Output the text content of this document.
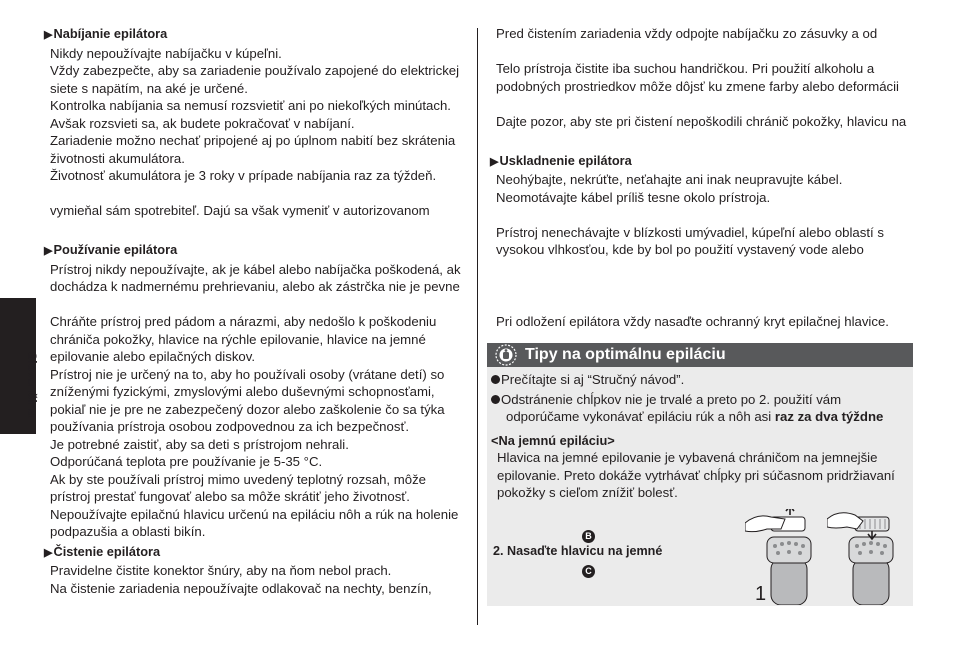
Slovenčina

▶Nabíjanie epilátora

Nikdy nepoužívajte nabíjačku v kúpeľni.

Vždy zabezpečte, aby sa zariadenie používalo zapojené do elektrickej

siete s napätím, na aké je určené.

Kontrolka nabíjania sa nemusí rozsvietiť ani po niekoľkých minútach.

Avšak rozsvieti sa, ak budete pokračovať v nabíjaní.

Zariadenie možno nechať pripojené aj po úplnom nabití bez skrátenia

životnosti akumulátora.

Životnosť akumulátora je 3 roky v prípade nabíjania raz za týždeň.

vymieňal sám spotrebiteľ. Dajú sa však vymeniť v autorizovanom

▶Používanie epilátora

Prístroj nikdy nepoužívajte, ak je kábel alebo nabíjačka poškodená, ak

dochádza k nadmernému prehrievaniu, alebo ak zástrčka nie je pevne

Chráňte prístroj pred pádom a nárazmi, aby nedošlo k poškodeniu

chrániča pokožky, hlavice na rýchle epilovanie, hlavice na jemné

epilovanie alebo epilačných diskov.

Prístroj nie je určený na to, aby ho používali osoby (vrátane detí) so

zníženými fyzickými, zmyslovými alebo duševnými schopnosťami,

pokiaľ nie je pre ne zabezpečený dozor alebo zaškolenie čo sa týka

používania prístroja osobou zodpovednou za ich bezpečnosť.

Je potrebné zaistiť, aby sa deti s prístrojom nehrali.

Odporúčaná teplota pre používanie je 5-35 °C.

Ak by ste používali prístroj mimo uvedený teplotný rozsah, môže

prístroj prestať fungovať alebo sa môže skrátiť jeho životnosť.

Nepoužívajte epilačnú hlavicu určenú na epiláciu nôh a rúk na holenie

podpazušia a oblasti bikín.

▶Čistenie epilátora

Pravidelne čistite konektor šnúry, aby na ňom nebol prach.

Na čistenie zariadenia nepoužívajte odlakovač na nechty, benzín,

Pred čistením zariadenia vždy odpojte nabíjačku zo zásuvky a od

Telo prístroja čistite iba suchou handričkou. Pri použití alkoholu a

podobných prostriedkov môže dôjsť ku zmene farby alebo deformácii

Dajte pozor, aby ste pri čistení nepoškodili chránič pokožky, hlavicu na

▶Uskladnenie epilátora

Neohýbajte, nekrúťte, neťahajte ani inak neupravujte kábel.

Neomotávajte kábel príliš tesne okolo prístroja.

Prístroj nenechávajte v blízkosti umývadiel, kúpeľní alebo oblastí s

vysokou vlhkosťou, kde by bol po použití vystavený vode alebo

Pri odložení epilátora vždy nasaďte ochranný kryt epilačnej hlavice.

Tipy na optimálnu epiláciu

Prečítajte si aj “Stručný návod”.

Odstránenie chĺpkov nie je trvalé a preto po 2. použití vám

odporúčame vykonávať epiláciu rúk a nôh asi raz za dva týždne

<Na jemnú epiláciu>

Hlavica na jemné epilovanie je vybavená chráničom na jemnejšie

epilovanie. Preto dokáže vytrhávať chĺpky pri súčasnom pridržiavaní

pokožky s cieľom znížiť bolesť.

B
2. Nasaďte hlavicu na jemné
C
1
